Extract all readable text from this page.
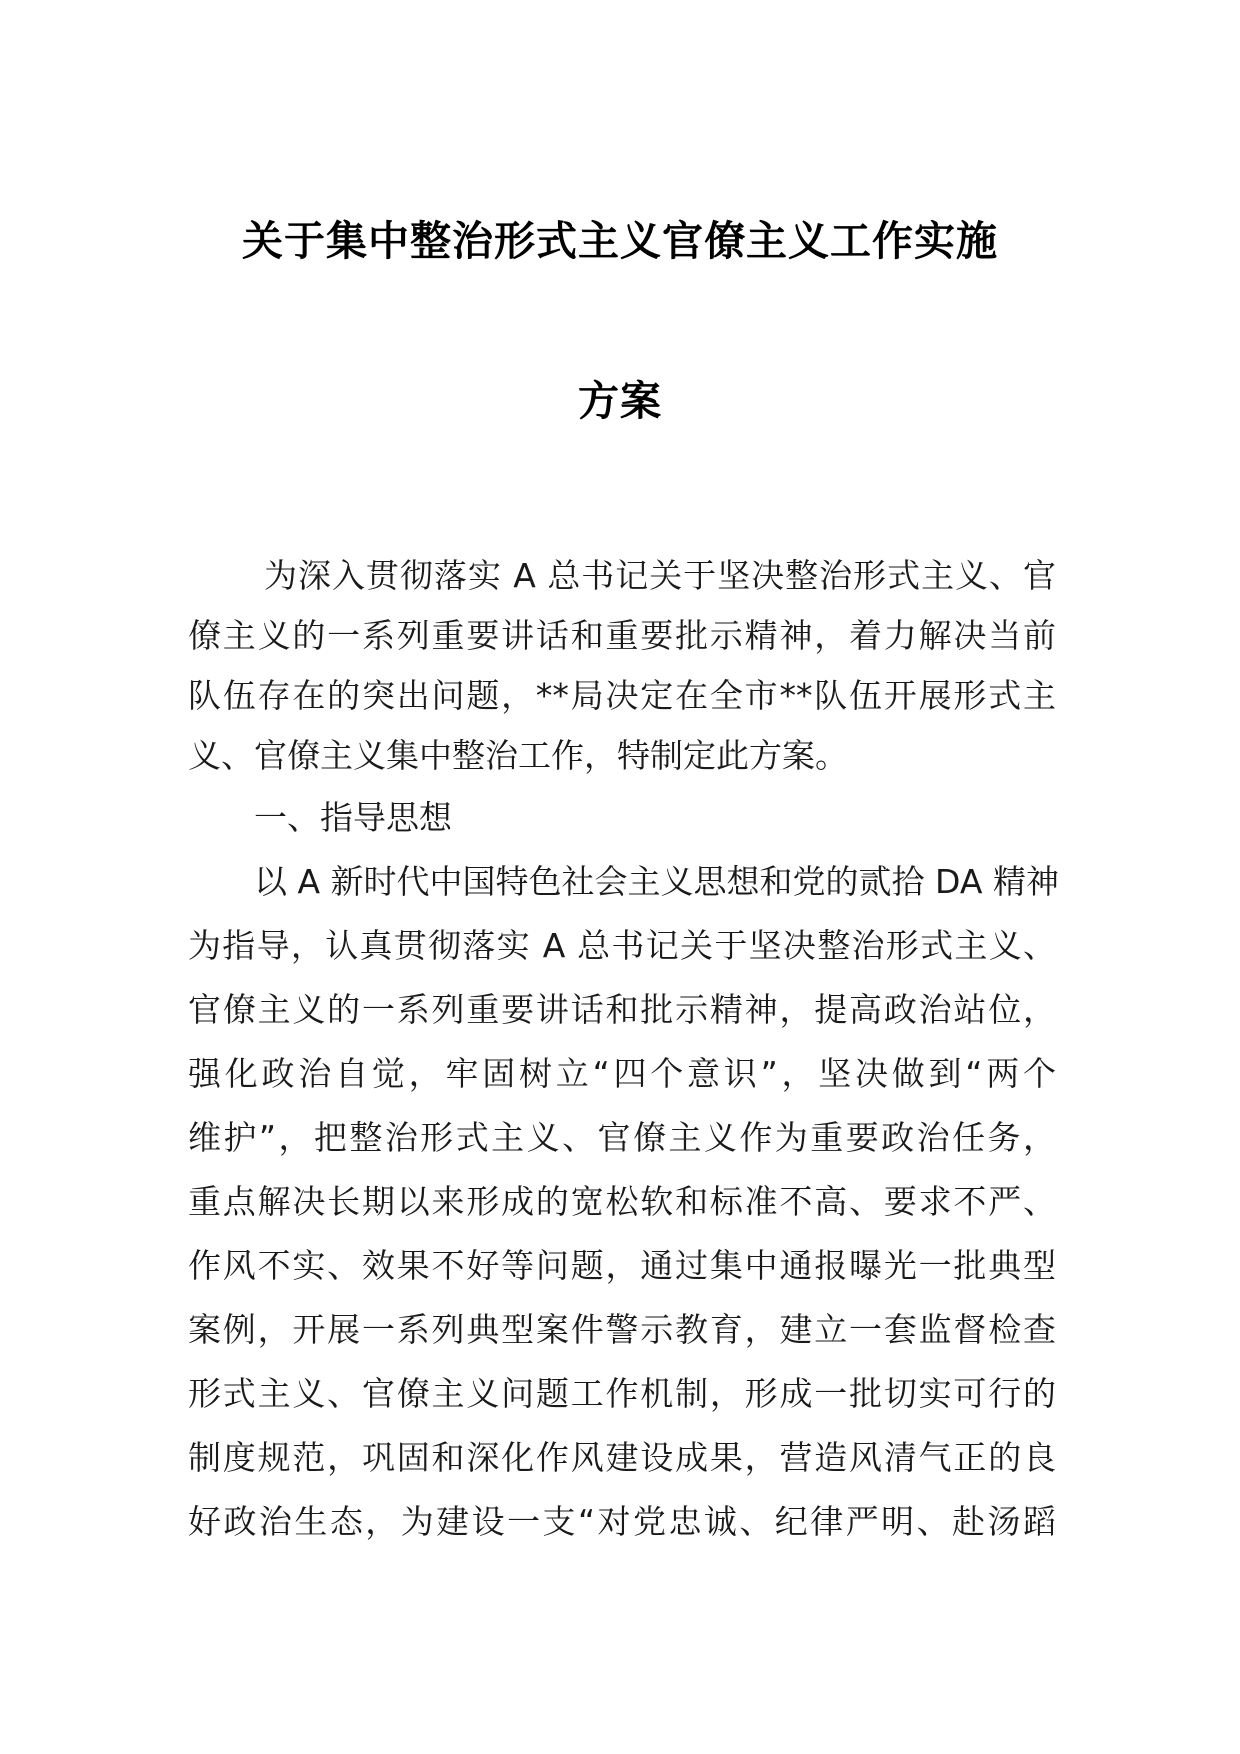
关于集中整治形式主义官僚主义工作实施
方案
为深入贯彻落实 A 总书记关于坚决整治形式主义、官
僚主义的一系列重要讲话和重要批示精神，着力解决当前
队伍存在的突出问题，**局决定在全市**队伍开展形式主
义、官僚主义集中整治工作，特制定此方案。
一、指导思想
以 A 新时代中国特色社会主义思想和党的贰拾 DA 精神
为指导，认真贯彻落实 A 总书记关于坚决整治形式主义、
官僚主义的一系列重要讲话和批示精神，提高政治站位，
强化政治自觉，牢固树立“四个意识”，坚决做到“两个
维护”，把整治形式主义、官僚主义作为重要政治任务，
重点解决长期以来形成的宽松软和标准不高、要求不严、
作风不实、效果不好等问题，通过集中通报曝光一批典型
案例，开展一系列典型案件警示教育，建立一套监督检查
形式主义、官僚主义问题工作机制，形成一批切实可行的
制度规范，巩固和深化作风建设成果，营造风清气正的良
好政治生态，为建设一支“对党忠诚、纪律严明、赴汤蹈
